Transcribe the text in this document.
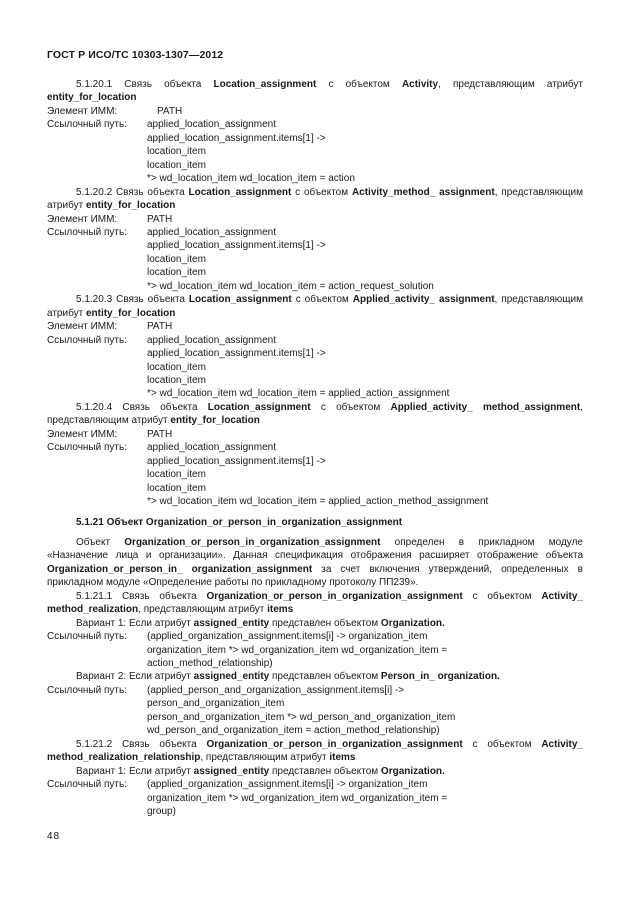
ГОСТ Р ИСО/ТС 10303-1307—2012

5.1.20.1 Связь объекта Location_assignment с объектом Activity, представляющим атрибут entity_for_location

Элемент ИММ:	PATH
Ссылочный путь:	applied_location_assignment
applied_location_assignment.items[1] ->
location_item
location_item
*> wd_location_item wd_location_item = action

5.1.20.2 Связь объекта Location_assignment с объектом Activity_method_ assignment, представляющим атрибут entity_for_location

Элемент ИММ:	PATH
Ссылочный путь:	applied_location_assignment
applied_location_assignment.items[1] ->
location_item
location_item
*> wd_location_item wd_location_item = action_request_solution

5.1.20.3 Связь объекта Location_assignment с объектом Applied_activity_ assignment, представляющим атрибут entity_for_location

Элемент ИММ:	PATH
Ссылочный путь:	applied_location_assignment
applied_location_assignment.items[1] ->
location_item
location_item
*> wd_location_item wd_location_item = applied_action_assignment

5.1.20.4 Связь объекта Location_assignment с объектом Applied_activity_ method_assignment, представляющим атрибут entity_for_location

Элемент ИММ:	PATH
Ссылочный путь:	applied_location_assignment
applied_location_assignment.items[1] ->
location_item
location_item
*> wd_location_item wd_location_item = applied_action_method_assignment
5.1.21 Объект Organization_or_person_in_organization_assignment

Объект Organization_or_person_in_organization_assignment определен в прикладном модуле «Назначение лица и организации». Данная спецификация отображения расширяет отображение объекта Organization_or_person_in_ organization_assignment за счет включения утверждений, определенных в прикладном модуле «Определение работы по прикладному протоколу ПП239».

5.1.21.1 Связь объекта Organization_or_person_in_organization_assignment с объектом Activity_ method_realization, представляющим атрибут items

Вариант 1: Если атрибут assigned_entity представлен объектом Organization.

Ссылочный путь:	(applied_organization_assignment.items[i] -> organization_item
organization_item *> wd_organization_item wd_organization_item =
action_method_relationship)

Вариант 2: Если атрибут assigned_entity представлен объектом Person_in_ organization.

Ссылочный путь:	(applied_person_and_organization_assignment.items[i] ->
person_and_organization_item
person_and_organization_item *> wd_person_and_organization_item
wd_person_and_organization_item = action_method_relationship)

5.1.21.2 Связь объекта Organization_or_person_in_organization_assignment с объектом Activity_ method_realization_relationship, представляющим атрибут items

Вариант 1: Если атрибут assigned_entity представлен объектом Organization.

Ссылочный путь:	(applied_organization_assignment.items[i] -> organization_item
organization_item *> wd_organization_item wd_organization_item =
group)
48
